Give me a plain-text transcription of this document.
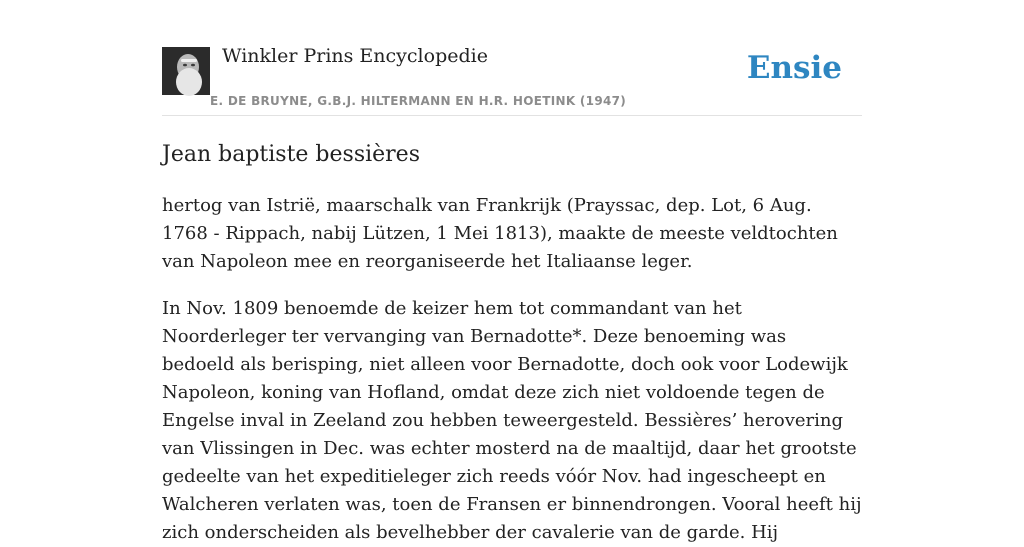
Winkler Prins Encyclopedie
E. DE BRUYNE, G.B.J. HILTERMANN EN H.R. HOETINK (1947)
Ensie
Jean baptiste bessières

hertog van Istrië, maarschalk van Frankrijk (Prayssac, dep. Lot, 6 Aug. 1768 - Rippach, nabij Lützen, 1 Mei 1813), maakte de meeste veldtochten van Napoleon mee en reorganiseerde het Italiaanse leger.

In Nov. 1809 benoemde de keizer hem tot commandant van het Noorderleger ter vervanging van Bernadotte*. Deze benoeming was bedoeld als berisping, niet alleen voor Bernadotte, doch ook voor Lodewijk Napoleon, koning van Hofland, omdat deze zich niet voldoende tegen de Engelse inval in Zeeland zou hebben teweergesteld. Bessières’ herovering van Vlissingen in Dec. was echter mosterd na de maaltijd, daar het grootste gedeelte van het expeditieleger zich reeds vóór Nov. had ingescheept en Walcheren verlaten was, toen de Fransen er binnendrongen. Vooral heeft hij zich onderscheiden als bevelhebber der cavalerie van de garde. Hij
